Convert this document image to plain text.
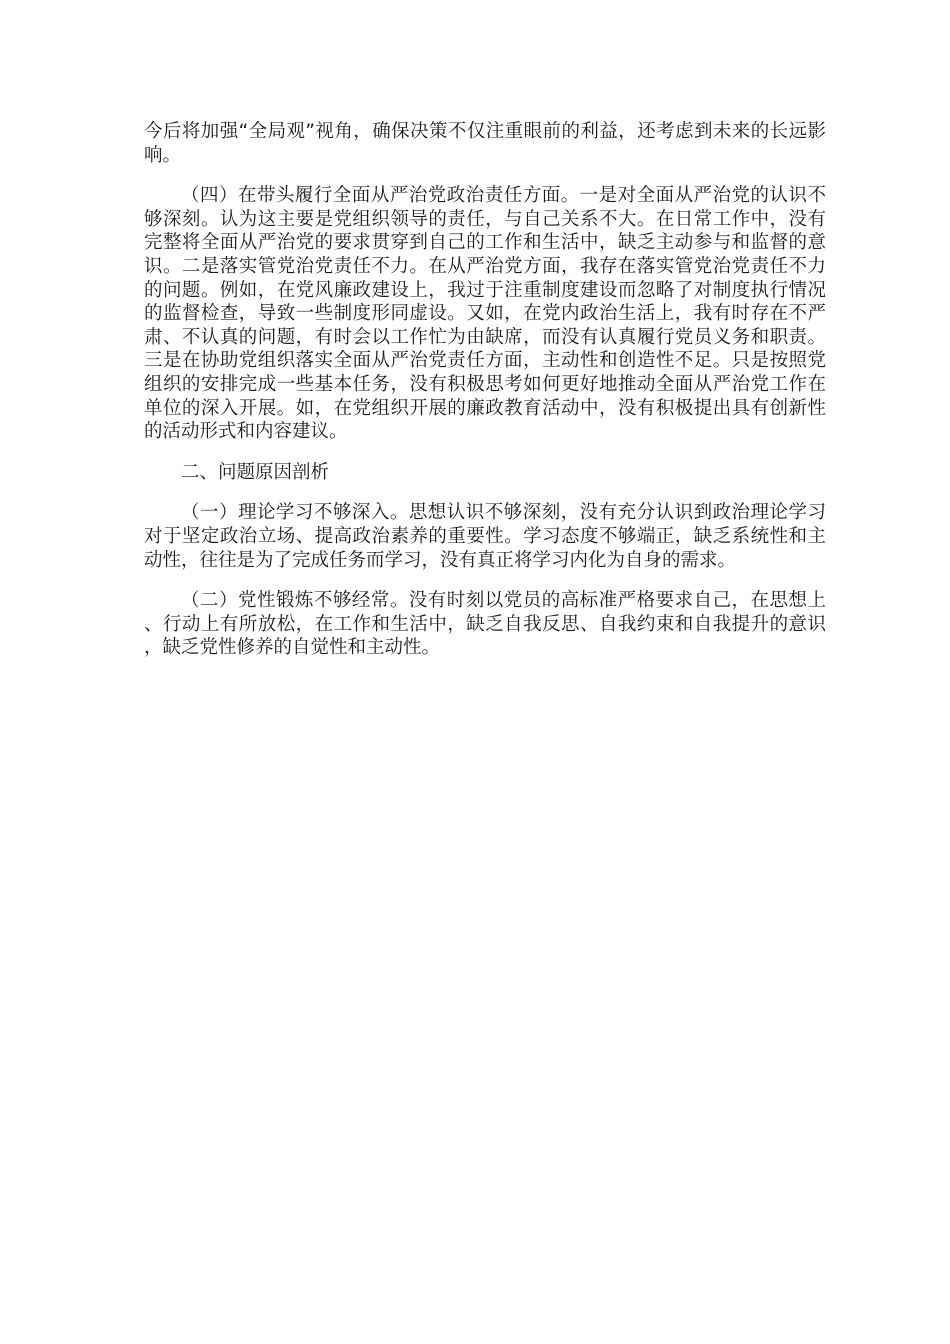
今后将加强“全局观”视角，确保决策不仅注重眼前的利益，还考虑到未来的长远影响。

（四）在带头履行全面从严治党政治责任方面。一是对全面从严治党的认识不够深刻。认为这主要是党组织领导的责任，与自己关系不大。在日常工作中，没有完整将全面从严治党的要求贯穿到自己的工作和生活中，缺乏主动参与和监督的意识。二是落实管党治党责任不力。在从严治党方面，我存在落实管党治党责任不力的问题。例如，在党风廉政建设上，我过于注重制度建设而忽略了对制度执行情况的监督检查，导致一些制度形同虚设。又如，在党内政治生活上，我有时存在不严肃、不认真的问题，有时会以工作忙为由缺席，而没有认真履行党员义务和职责。三是在协助党组织落实全面从严治党责任方面，主动性和创造性不足。只是按照党组织的安排完成一些基本任务，没有积极思考如何更好地推动全面从严治党工作在单位的深入开展。如，在党组织开展的廉政教育活动中，没有积极提出具有创新性的活动形式和内容建议。

二、问题原因剖析

（一）理论学习不够深入。思想认识不够深刻，没有充分认识到政治理论学习对于坚定政治立场、提高政治素养的重要性。学习态度不够端正，缺乏系统性和主动性，往往是为了完成任务而学习，没有真正将学习内化为自身的需求。

（二）党性锻炼不够经常。没有时刻以党员的高标准严格要求自己，在思想上、行动上有所放松，在工作和生活中，缺乏自我反思、自我约束和自我提升的意识，缺乏党性修养的自觉性和主动性。
